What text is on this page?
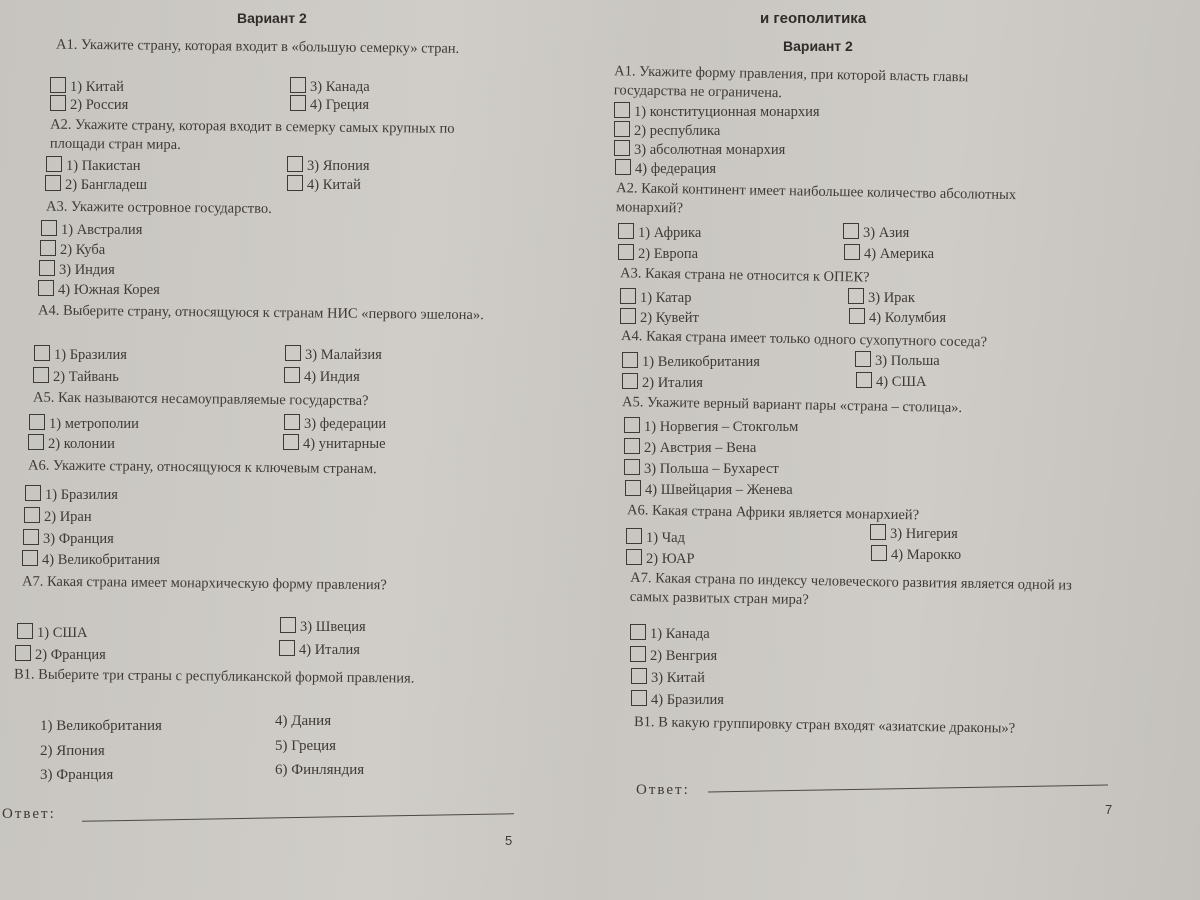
Вариант 2
А1. Укажите страну, которая входит в «большую семерку» стран.
1) Китай
2) Россия
3) Канада
4) Греция
А2. Укажите страну, которая входит в семерку самых крупных по площади стран мира.
1) Пакистан
2) Бангладеш
3) Япония
4) Китай
А3. Укажите островное государство.
1) Австралия
2) Куба
3) Индия
4) Южная Корея
А4. Выберите страну, относящуюся к странам НИС «первого эшелона».
1) Бразилия
2) Тайвань
3) Малайзия
4) Индия
А5. Как называются несамоуправляемые государства?
1) метрополии
2) колонии
3) федерации
4) унитарные
А6. Укажите страну, относящуюся к ключевым странам.
1) Бразилия
2) Иран
3) Франция
4) Великобритания
А7. Какая страна имеет монархическую форму правления?
1) США
2) Франция
3) Швеция
4) Италия
В1. Выберите три страны с республиканской формой правления.
1) Великобритания
2) Япония
3) Франция
4) Дания
5) Греция
6) Финляндия
Ответ:
5
и геополитика
Вариант 2
А1. Укажите форму правления, при которой власть главы государства не ограничена.
1) конституционная монархия
2) республика
3) абсолютная монархия
4) федерация
А2. Какой континент имеет наибольшее количество абсолютных монархий?
1) Африка
2) Европа
3) Азия
4) Америка
А3. Какая страна не относится к ОПЕК?
1) Катар
2) Кувейт
3) Ирак
4) Колумбия
А4. Какая страна имеет только одного сухопутного соседа?
1) Великобритания
2) Италия
3) Польша
4) США
А5. Укажите верный вариант пары «страна – столица».
1) Норвегия – Стокгольм
2) Австрия – Вена
3) Польша – Бухарест
4) Швейцария – Женева
А6. Какая страна Африки является монархией?
1) Чад
2) ЮАР
3) Нигерия
4) Марокко
А7. Какая страна по индексу человеческого развития является одной из самых развитых стран мира?
1) Канада
2) Венгрия
3) Китай
4) Бразилия
В1. В какую группировку стран входят «азиатские драконы»?
Ответ:
7
